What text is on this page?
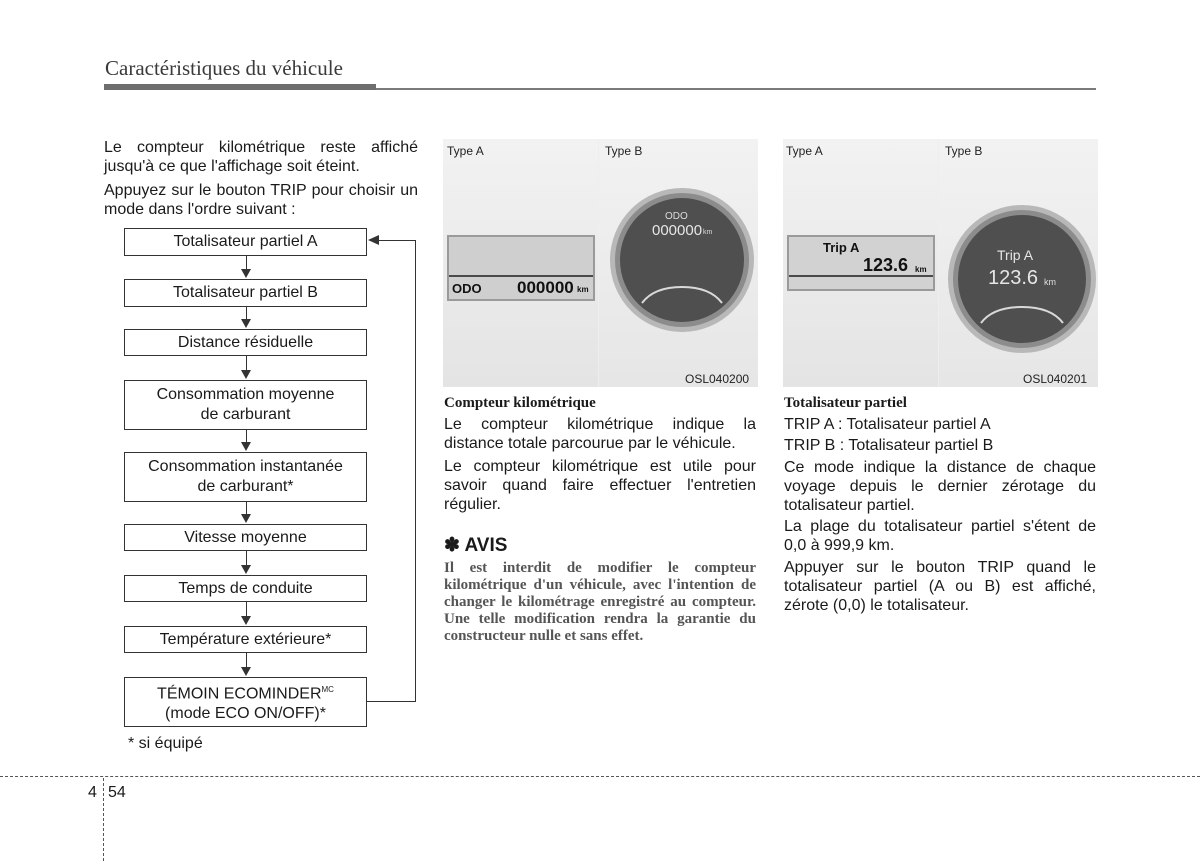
Caractéristiques du véhicule
Le compteur kilométrique reste affiché jusqu'à ce que l'affichage soit éteint.
Appuyez sur le bouton TRIP pour choisir un mode dans l'ordre suivant :
Totalisateur partiel A
Totalisateur partiel B
Distance résiduelle
Consommation moyenne
de carburant
Consommation instantanée
de carburant*
Vitesse moyenne
Temps de conduite
Température extérieure*
TÉMOIN $ECOMINDER^{MC}$
(mode ECO ON/OFF)*
* si équipé
Type A	Type B
ODO 000000 km
ODO
000000 km
OSL040200
Type A	Type B
Trip A
123.6 km
Trip A
123.6 km
OSL040201
Compteur kilométrique
Le compteur kilométrique indique la distance totale parcourue par le véhicule.
Le compteur kilométrique est utile pour savoir quand faire effectuer l'entretien régulier.
✽ AVIS
Il est interdit de modifier le compteur kilométrique d'un véhicule, avec l'intention de changer le kilométrage enregistré au compteur. Une telle modification rendra la garantie du constructeur nulle et sans effet.
Totalisateur partiel
TRIP A : Totalisateur partiel A
TRIP B : Totalisateur partiel B
Ce mode indique la distance de chaque voyage depuis le dernier zérotage du totalisateur partiel.
La plage du totalisateur partiel s'étent de 0,0 à 999,9 km.
Appuyer sur le bouton TRIP quand le totalisateur partiel (A ou B) est affiché, zérote (0,0) le totalisateur.
4 54
